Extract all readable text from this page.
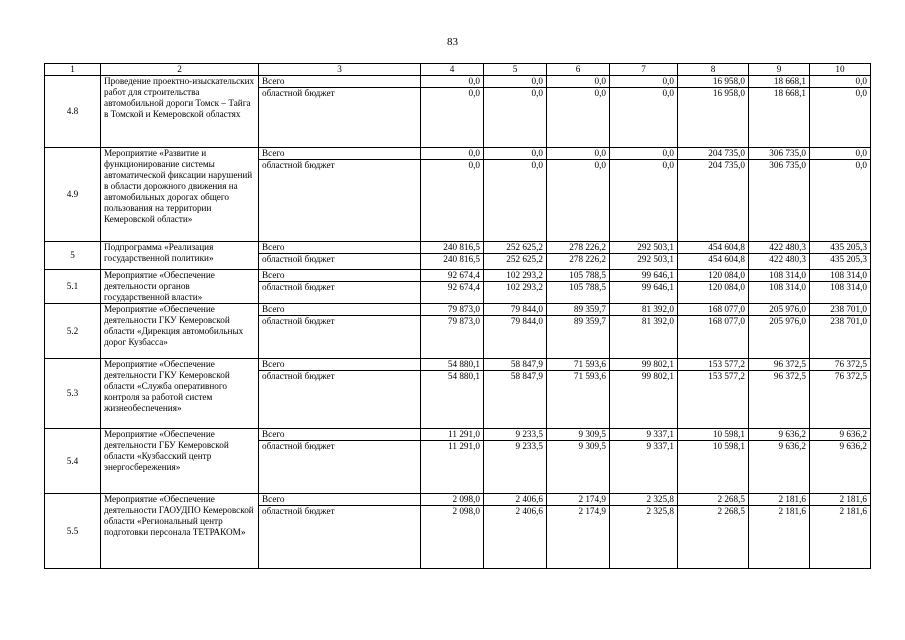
83
1	2	3	4	5	6	7	8	9	10
4.8	Проведение проектно-изыскательских работ для строительства автомобильной дороги Томск – Тайга в Томской и Кемеровской областях	Всего	0,0	0,0	0,0	0,0	16 958,0	18 668,1	0,0
		областной бюджет	0,0	0,0	0,0	0,0	16 958,0	18 668,1	0,0
4.9	Мероприятие «Развитие и функционирование системы автоматической фиксации нарушений в области дорожного движения на автомобильных дорогах общего пользования на территории Кемеровской области»	Всего	0,0	0,0	0,0	0,0	204 735,0	306 735,0	0,0
		областной бюджет	0,0	0,0	0,0	0,0	204 735,0	306 735,0	0,0
5	Подпрограмма «Реализация государственной политики»	Всего	240 816,5	252 625,2	278 226,2	292 503,1	454 604,8	422 480,3	435 205,3
		областной бюджет	240 816,5	252 625,2	278 226,2	292 503,1	454 604,8	422 480,3	435 205,3
5.1	Мероприятие «Обеспечение деятельности органов государственной власти»	Всего	92 674,4	102 293,2	105 788,5	99 646,1	120 084,0	108 314,0	108 314,0
		областной бюджет	92 674,4	102 293,2	105 788,5	99 646,1	120 084,0	108 314,0	108 314,0
5.2	Мероприятие «Обеспечение деятельности ГКУ Кемеровской области «Дирекция автомобильных дорог Кузбасса»	Всего	79 873,0	79 844,0	89 359,7	81 392,0	168 077,0	205 976,0	238 701,0
		областной бюджет	79 873,0	79 844,0	89 359,7	81 392,0	168 077,0	205 976,0	238 701,0
5.3	Мероприятие «Обеспечение деятельности ГКУ Кемеровской области «Служба оперативного контроля за работой систем жизнеобеспечения»	Всего	54 880,1	58 847,9	71 593,6	99 802,1	153 577,2	96 372,5	76 372,5
		областной бюджет	54 880,1	58 847,9	71 593,6	99 802,1	153 577,2	96 372,5	76 372,5
5.4	Мероприятие «Обеспечение деятельности ГБУ Кемеровской области «Кузбасский центр энергосбережения»	Всего	11 291,0	9 233,5	9 309,5	9 337,1	10 598,1	9 636,2	9 636,2
		областной бюджет	11 291,0	9 233,5	9 309,5	9 337,1	10 598,1	9 636,2	9 636,2
5.5	Мероприятие «Обеспечение деятельности ГАОУДПО Кемеровской области «Региональный центр подготовки персонала ТЕТРАКОМ»	Всего	2 098,0	2 406,6	2 174,9	2 325,8	2 268,5	2 181,6	2 181,6
		областной бюджет	2 098,0	2 406,6	2 174,9	2 325,8	2 268,5	2 181,6	2 181,6
